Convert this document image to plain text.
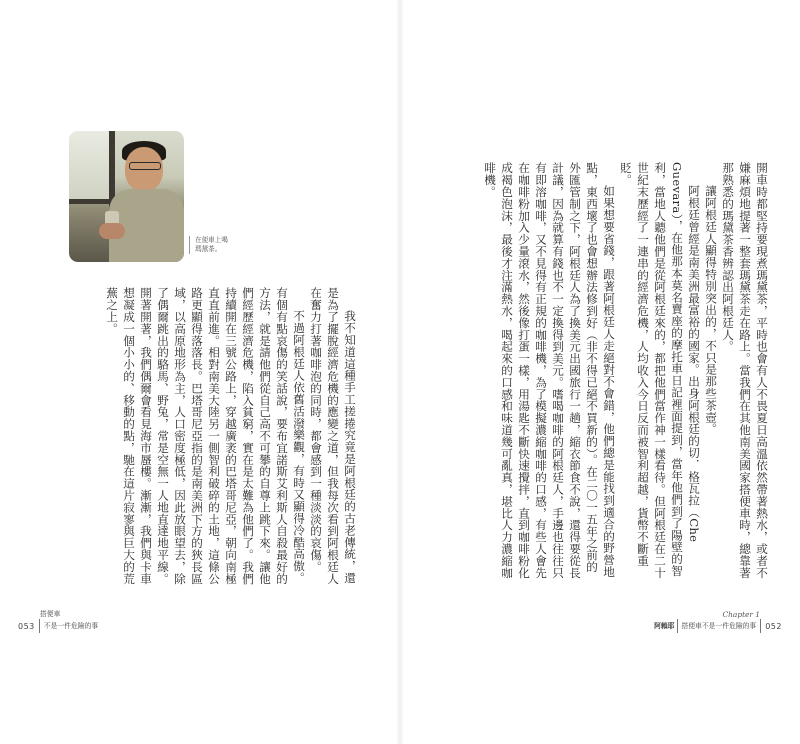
在便車上喝
瑪黛茶。

我不知道這種手工搓捲究竟是阿根廷的古老傳統，還是為了擺脫經濟危機的應變之道，但我每次看到阿根廷人在奮力打著咖啡泡的同時，都會感到一種淡淡的哀傷。

不過阿根廷人依舊活潑樂觀，有時又顯得冷酷高傲。有個有點哀傷的笑話說，要布宜諾斯艾利斯人自殺最好的方法，就是請他們從自己高不可攀的自尊上跳下來。讓他們經歷經濟危機，陷入貧窮，實在是太難為他們了。我們持續開在三號公路上，穿越廣袤的巴塔哥尼亞，朝向南極直直前進。相對南美大陸另一側智利破碎的土地，這條公路更顯得落落長。巴塔哥尼亞指的是南美洲下方的狹長區域，以高原地形為主，人口密度極低，因此放眼望去，除了偶爾跳出的駱馬、野兔，常是空無一人地直達地平線。開著開著，我們偶爾會看見海市蜃樓。漸漸，我們與卡車想凝成一個小小的、移動的點，馳在這片寂寥與巨大的荒蕪之上。

搭便車
053 不是一件危險的事

開車時都堅持要現煮瑪黛茶，平時也會有人不畏夏日高溫依然帶著熱水，或者不嫌麻煩地提著一整套瑪黛茶走在路上。當我們在其他南美國家搭便車時，總靠著那熟悉的瑪黛茶香辨認出阿根廷人。

讓阿根廷人顯得特別突出的，不只是那些茶壺。

阿根廷曾經是南美洲最富裕的國家。出身阿根廷的切．格瓦拉（Che Guevara），在他那本莫名賣座的摩托車日記裡面提到，當年他們到了陽壁的智利，當地人聽他們是從阿根廷來的，都把他們當作神一樣看待。但阿根廷在二十世紀末歷經了一連串的經濟危機，人均收入今日反而被智利超越，貨幣不斷重貶。

如果想要省錢，跟著阿根廷人走絕對不會錯，他們總是能找到適合的野營地點，東西壞了也會想辦法修到好（非不得已絕不買新的）。在二〇一五年之前的外匯管制之下，阿根廷人為了換美元出國旅行一趟，縮衣節食不說，還得要從長計議，因為就算有錢也不一定換得到美元。嗜喝咖啡的阿根廷人，手邊也往往只有即溶咖啡，又不見得有正規的咖啡機，為了模擬濃縮咖啡的口感，有些人會先在咖啡粉加入少量滾水，然後像打蛋一樣，用湯匙不斷快速攪拌，直到咖啡粉化成褐色泡沫，最後才注滿熱水，喝起來的口感和味道幾可亂真，堪比人力濃縮咖啡機。

Chapter 1
阿賴耶 搭便車不是一件危險的事 052
